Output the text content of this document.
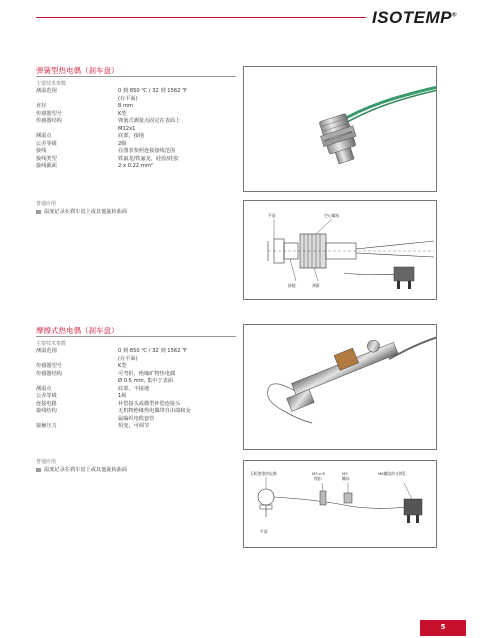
ISOTEMP®
弹簧型热电偶（刹车盘）
主要技术参数
测温范围	0 到 850 ℃ / 32 到 1562 ℉
(在平面)
直径	8 mm
传感器型号	K型
传感器结构	弹簧式测量点固定在表面上
M12x1
测温点	底部，接地
公差等级	2级
接线	在图表参照连接接线范围
接线类型	铁氟龙/铁氟龙，硅胶/硅胶
接线截面	2 x 0.22 mm²
普通应用
温度记录在刹车盘上或其他旋转曲面
平面	空心螺丝
接地	弹簧
摩擦式热电偶（刹车盘）
主要技术参数
测温范围	0 到 850 ℃ / 32 到 1562 ℉
(在平面)
传感器型号	K型
传感器结构	可弯折，绝缘矿物热电偶
Ø 0.5 mm, 集中于表面
测温点	底部，不接地
公差等级	1级
连接电路	补偿接头或微型补偿连接头
接线结构	无机物绝缘热电偶带自由端和金
属编织电缆套管
接触压力	恒变，可调节
普通应用
温度记录在刹车盘上或其他旋转曲面
无机绝缘热电偶	M3 x 8
锁扣
M3
螺母
M8螺纹的支撑孔
平面
5
